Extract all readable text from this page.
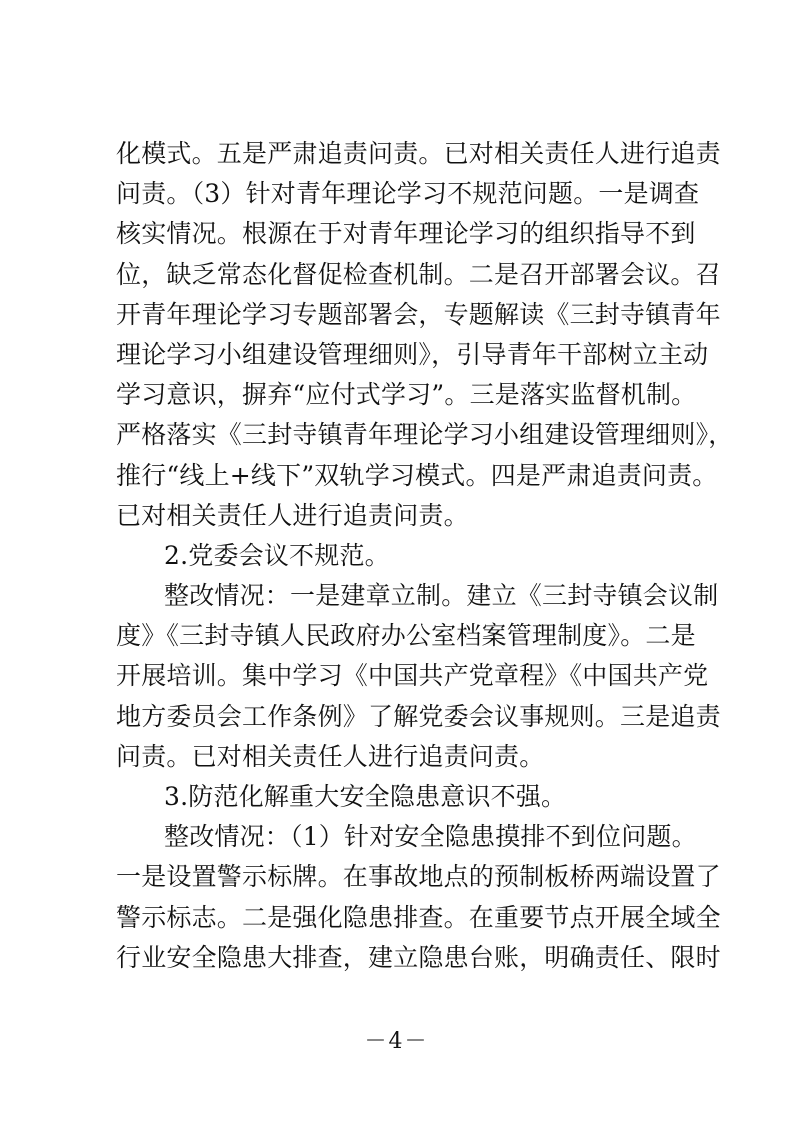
化模式。五是严肃追责问责。已对相关责任人进行追责
问责。（3）针对青年理论学习不规范问题。一是调查
核实情况。根源在于对青年理论学习的组织指导不到
位，缺乏常态化督促检查机制。二是召开部署会议。召
开青年理论学习专题部署会，专题解读《三封寺镇青年
理论学习小组建设管理细则》，引导青年干部树立主动
学习意识，摒弃“应付式学习”。三是落实监督机制。
严格落实《三封寺镇青年理论学习小组建设管理细则》，
推行“线上+线下”双轨学习模式。四是严肃追责问责。
已对相关责任人进行追责问责。
2.党委会议不规范。
整改情况：一是建章立制。建立《三封寺镇会议制
度》《三封寺镇人民政府办公室档案管理制度》。二是
开展培训。集中学习《中国共产党章程》《中国共产党
地方委员会工作条例》了解党委会议事规则。三是追责
问责。已对相关责任人进行追责问责。
3.防范化解重大安全隐患意识不强。
整改情况：（1）针对安全隐患摸排不到位问题。
一是设置警示标牌。在事故地点的预制板桥两端设置了
警示标志。二是强化隐患排查。在重要节点开展全域全
行业安全隐患大排查，建立隐患台账，明确责任、限时
－4－
